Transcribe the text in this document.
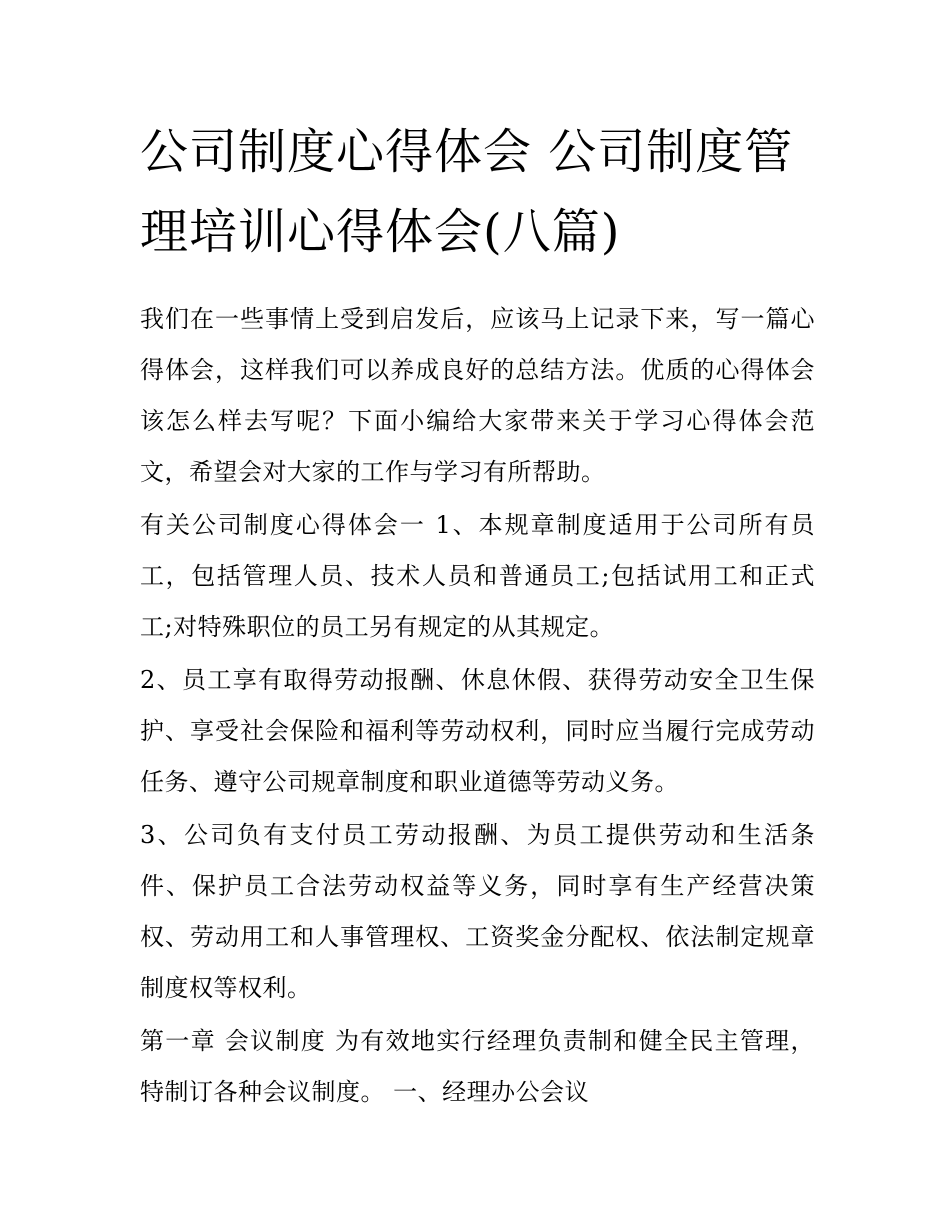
公司制度心得体会 公司制度管理培训心得体会(八篇)

我们在一些事情上受到启发后，应该马上记录下来，写一篇心得体会，这样我们可以养成良好的总结方法。优质的心得体会该怎么样去写呢？下面小编给大家带来关于学习心得体会范文，希望会对大家的工作与学习有所帮助。

有关公司制度心得体会一 1、本规章制度适用于公司所有员工，包括管理人员、技术人员和普通员工;包括试用工和正式工;对特殊职位的员工另有规定的从其规定。

2、员工享有取得劳动报酬、休息休假、获得劳动安全卫生保护、享受社会保险和福利等劳动权利，同时应当履行完成劳动任务、遵守公司规章制度和职业道德等劳动义务。

3、公司负有支付员工劳动报酬、为员工提供劳动和生活条件、保护员工合法劳动权益等义务，同时享有生产经营决策权、劳动用工和人事管理权、工资奖金分配权、依法制定规章制度权等权利。

第一章 会议制度 为有效地实行经理负责制和健全民主管理，特制订各种会议制度。 一、经理办公会议
